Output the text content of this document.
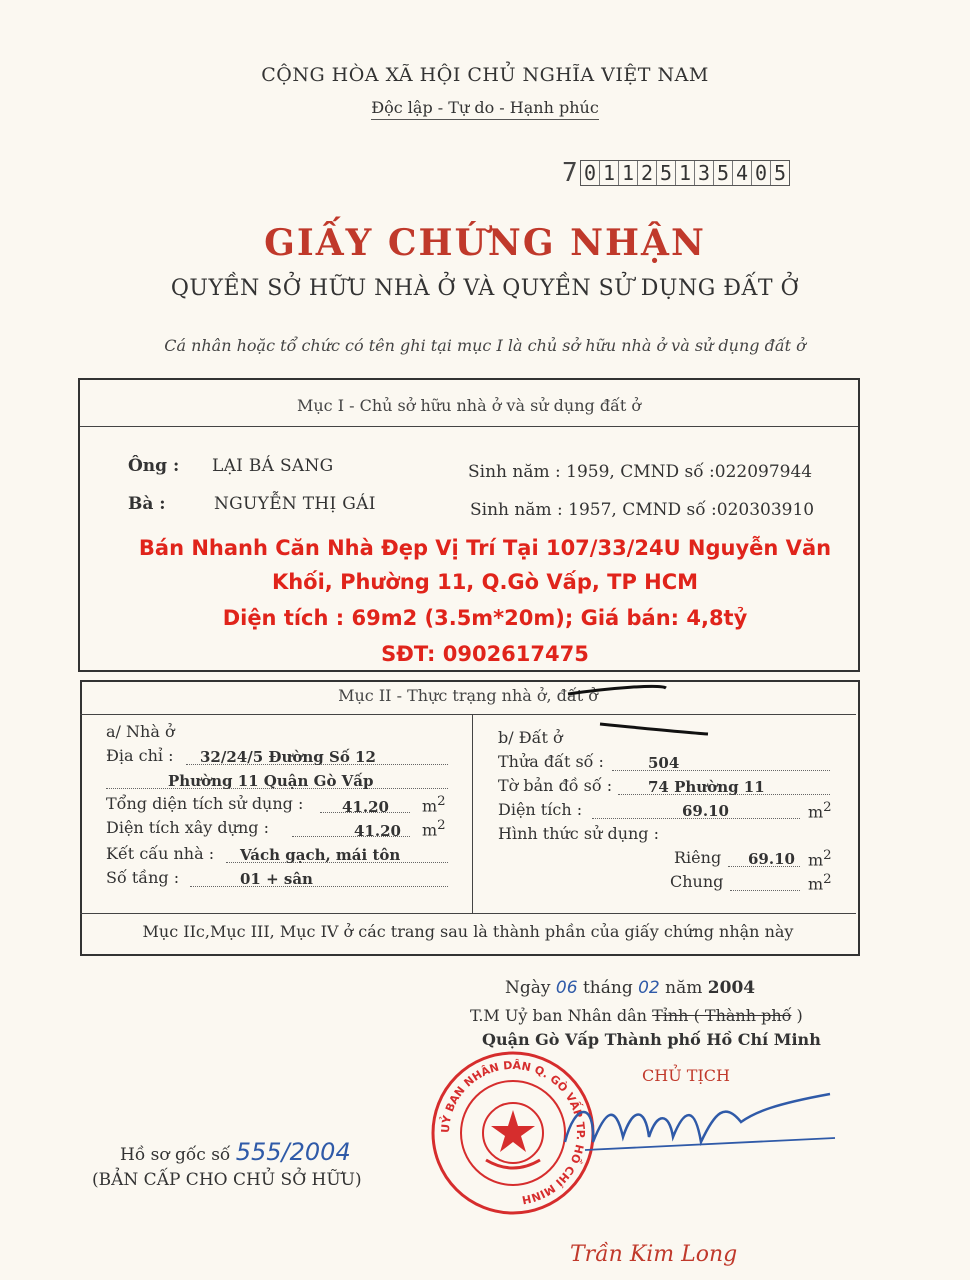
CỘNG HÒA XÃ HỘI CHỦ NGHĨA VIỆT NAM
Độc lập - Tự do - Hạnh phúc
7 0 1 1 2 5 1 3 5 4 0 5
GIẤY CHỨNG NHẬN
QUYỀN SỞ HỮU NHÀ Ở VÀ QUYỀN SỬ DỤNG ĐẤT Ở
Cá nhân hoặc tổ chức có tên ghi tại mục I là chủ sở hữu nhà ở và sử dụng đất ở
Mục I - Chủ sở hữu nhà ở và sử dụng đất ở
Ông : LẠI BÁ SANG	Sinh năm : 1959, CMND số :022097944
Bà :	NGUYỄN THỊ GÁI	Sinh năm : 1957, CMND số :020303910
Bán Nhanh Căn Nhà Đẹp Vị Trí Tại 107/33/24U Nguyễn Văn
Khối, Phường 11, Q.Gò Vấp, TP HCM
Diện tích : 69m2 (3.5m*20m); Giá bán: 4,8tỷ
SĐT: 0902617475
Mục II - Thực trạng nhà ở, đất ở
a/ Nhà ở
Địa chỉ : 32/24/5 Đường Số 12
Phường 11 Quận Gò Vấp
Tổng diện tích sử dụng :	41.20 $m^2$
Diện tích xây dựng :	41.20 $m^2$
Kết cấu nhà : Vách gạch, mái tôn
Số tầng :	01 + sân
b/ Đất ở
Thửa đất số :	504
Tờ bản đồ số : 74 Phường 11
Diện tích :	69.10	$m^2$
Hình thức sử dụng :
Riêng 69.10 $m^2$
Chung	$m^2$
Mục IIc,Mục III, Mục IV ở các trang sau là thành phần của giấy chứng nhận này
Ngày 06 tháng 02 năm 2004
T.M Uỷ ban Nhân dân Tỉnh ( Thành phố )
Quận Gò Vấp Thành phố Hồ Chí Minh
CHỦ TỊCH
UỶ BAN NHÂN DÂN Q. GÒ VẤP TP. HỒ CHÍ MINH
Hồ sơ gốc số 555/2004
(BẢN CẤP CHO CHỦ SỞ HỮU)
Trần Kim Long
